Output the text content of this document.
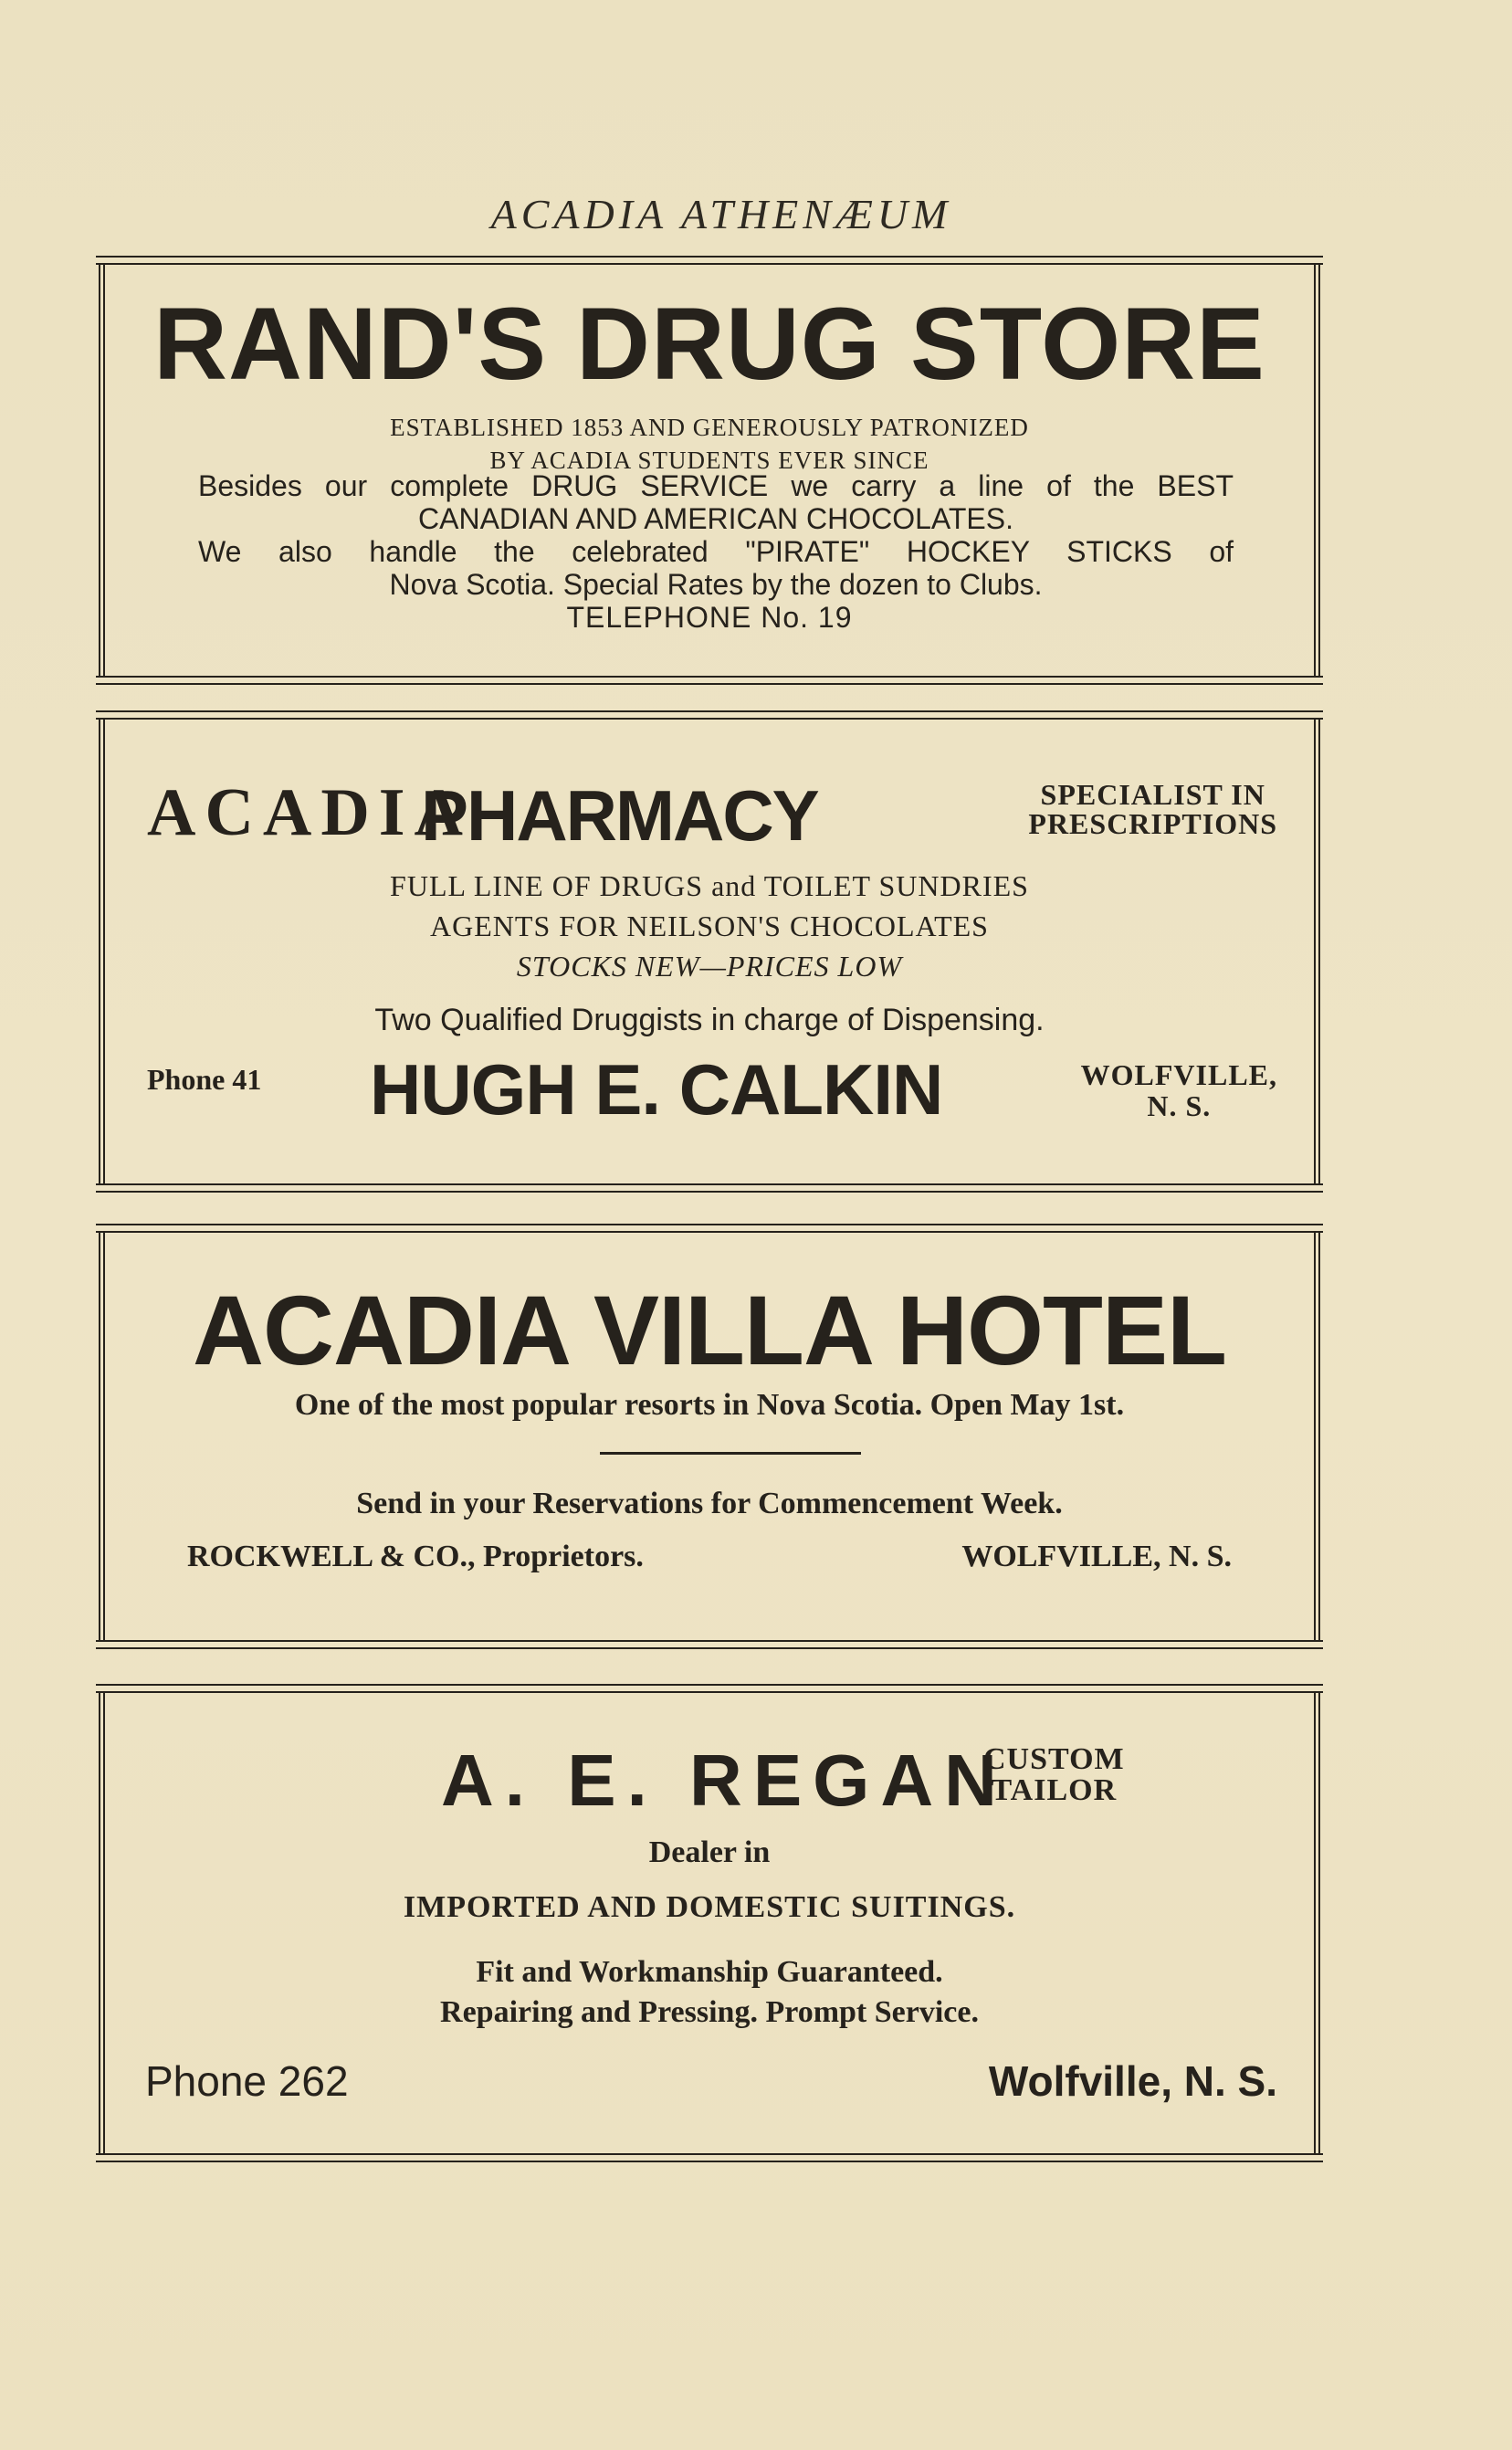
ACADIA ATHENÆUM
RAND'S DRUG STORE
ESTABLISHED 1853 AND GENEROUSLY PATRONIZED
BY ACADIA STUDENTS EVER SINCE
Besides our complete DRUG SERVICE we carry a line of the BEST
CANADIAN AND AMERICAN CHOCOLATES.
We also handle the celebrated "PIRATE" HOCKEY STICKS of
Nova Scotia. Special Rates by the dozen to Clubs.
TELEPHONE No. 19
ACADIA
PHARMACY	SPECIALIST IN
PRESCRIPTIONS
FULL LINE OF DRUGS and TOILET SUNDRIES
AGENTS FOR NEILSON'S CHOCOLATES
STOCKS NEW—PRICES LOW
Two Qualified Druggists in charge of Dispensing.
Phone 41 HUGH E. CALKIN	WOLFVILLE,
N. S.
ACADIA VILLA HOTEL
One of the most popular resorts in Nova Scotia. Open May 1st.
Send in your Reservations for Commencement Week.
ROCKWELL & CO., Proprietors.	WOLFVILLE, N. S.
A. E. REGAN
CUSTOM
TAILOR
Dealer in
IMPORTED AND DOMESTIC SUITINGS.
Fit and Workmanship Guaranteed.
Repairing and Pressing. Prompt Service.
Phone 262	Wolfville, N. S.
